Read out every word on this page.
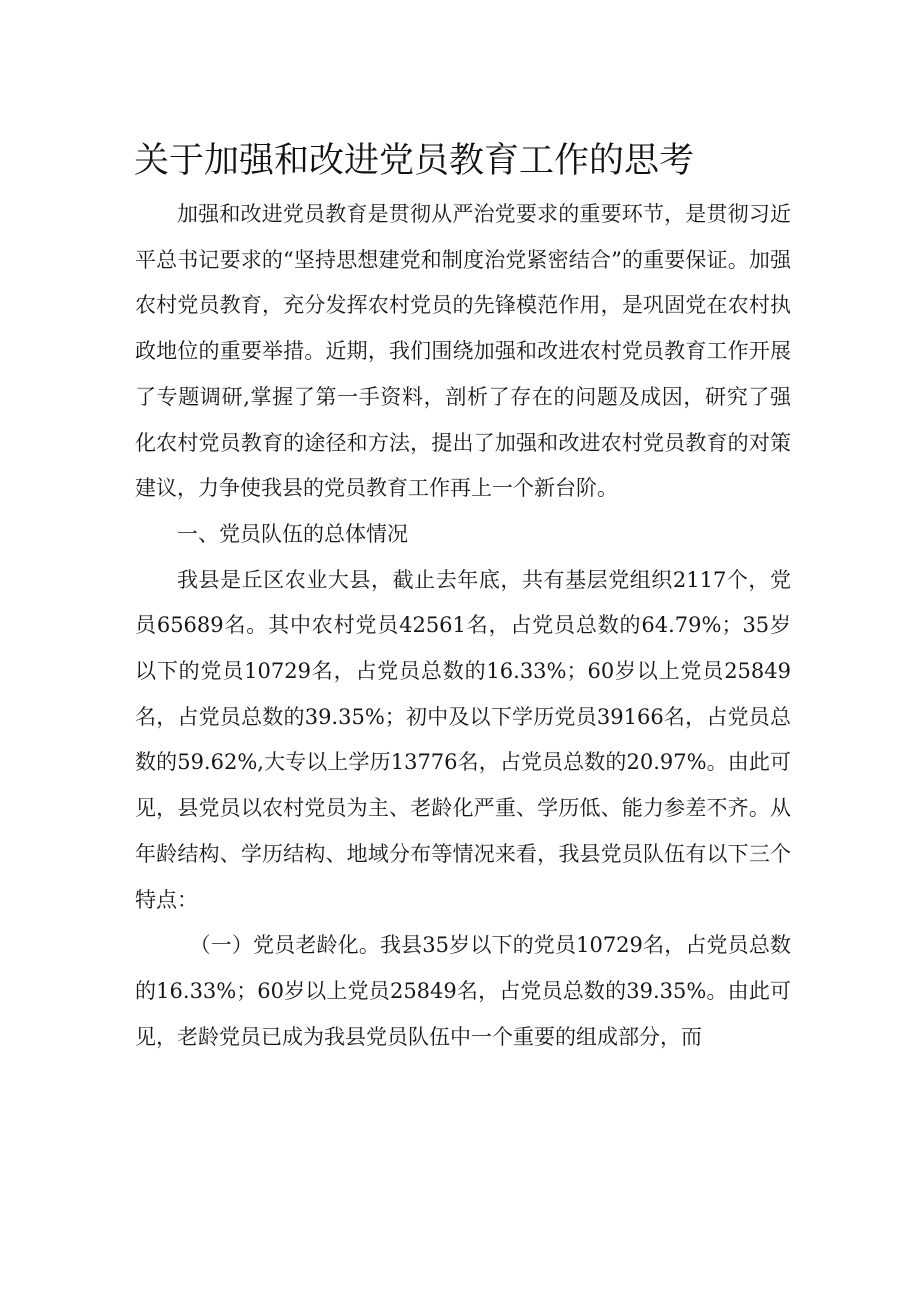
关于加强和改进党员教育工作的思考

加强和改进党员教育是贯彻从严治党要求的重要环节，是贯彻习近平总书记要求的“坚持思想建党和制度治党紧密结合”的重要保证。加强农村党员教育，充分发挥农村党员的先锋模范作用，是巩固党在农村执政地位的重要举措。近期，我们围绕加强和改进农村党员教育工作开展了专题调研,掌握了第一手资料，剖析了存在的问题及成因，研究了强化农村党员教育的途径和方法，提出了加强和改进农村党员教育的对策建议，力争使我县的党员教育工作再上一个新台阶。

一、党员队伍的总体情况

我县是丘区农业大县，截止去年底，共有基层党组织2117个，党员65689名。其中农村党员42561名，占党员总数的64.79%；35岁以下的党员10729名，占党员总数的16.33%；60岁以上党员25849名，占党员总数的39.35%；初中及以下学历党员39166名，占党员总数的59.62%,大专以上学历13776名，占党员总数的20.97%。由此可见，县党员以农村党员为主、老龄化严重、学历低、能力参差不齐。从年龄结构、学历结构、地域分布等情况来看，我县党员队伍有以下三个特点：

（一）党员老龄化。我县35岁以下的党员10729名，占党员总数的16.33%；60岁以上党员25849名，占党员总数的39.35%。由此可见，老龄党员已成为我县党员队伍中一个重要的组成部分，而
